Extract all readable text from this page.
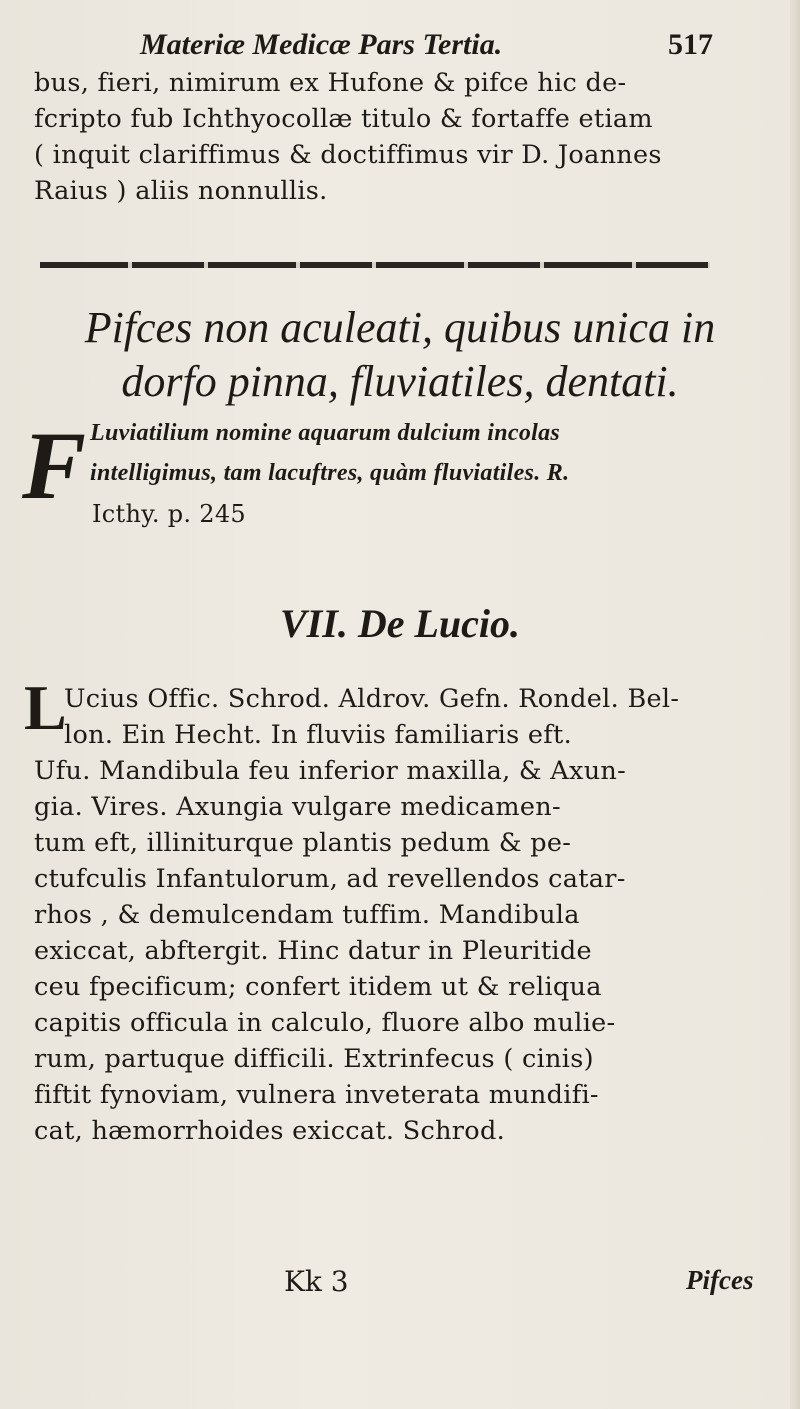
Materiæ Medicæ Pars Tertia.	517
bus, fieri, nimirum ex Hufone & pifce hic de-
fcripto fub Ichthyocollæ titulo & fortaffe etiam
( inquit clariffimus & doctiffimus vir D. Joannes
Raius ) aliis nonnullis.
Pifces non aculeati, quibus unica in
dorfo pinna, fluviatiles, dentati.
F Luviatilium nomine aquarum dulcium incolas
intelligimus, tam lacuftres, quàm fluviatiles. R.
Icthy. p. 245
VII. De Lucio.
L
Ucius Offic. Schrod. Aldrov. Gefn. Rondel. Bel-
lon. Ein Hecht. In fluviis familiaris eft.
Ufu. Mandibula feu inferior maxilla, & Axun-
gia. Vires. Axungia vulgare medicamen-
tum eft, illiniturque plantis pedum & pe-
ctufculis Infantulorum, ad revellendos catar-
rhos , & demulcendam tuffim. Mandibula
exiccat, abftergit. Hinc datur in Pleuritide
ceu fpecificum; confert itidem ut & reliqua
capitis officula in calculo, fluore albo mulie-
rum, partuque difficili. Extrinfecus ( cinis)
fiftit fynoviam, vulnera inveterata mundifi-
cat, hæmorrhoides exiccat. Schrod.
Kk 3	Pifces
